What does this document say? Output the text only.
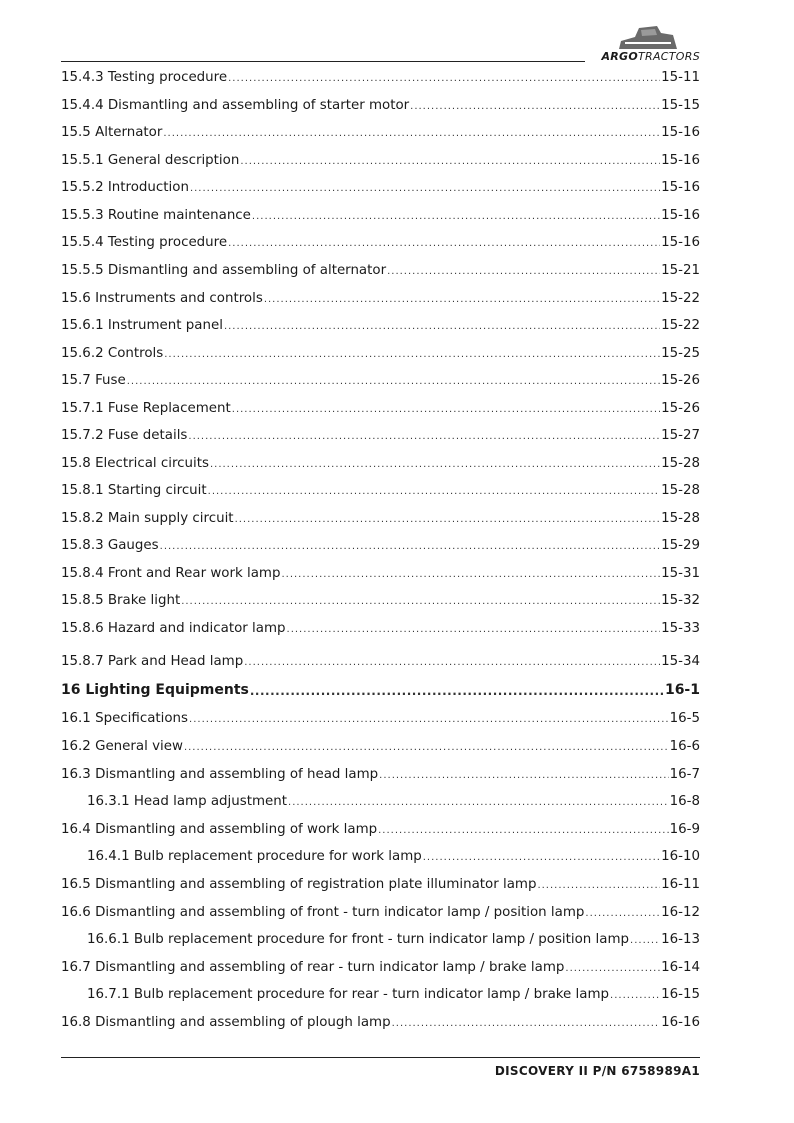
ARGOTRACTORS
15.4.3 Testing procedure .....	15-11
15.4.4 Dismantling and assembling of starter motor .....	15-15
15.5 Alternator .....	15-16
15.5.1 General description .....	15-16
15.5.2 Introduction .....	15-16
15.5.3 Routine maintenance .....	15-16
15.5.4 Testing procedure .....	15-16
15.5.5 Dismantling and assembling of alternator .....	15-21
15.6 Instruments and controls .....	15-22
15.6.1 Instrument panel .....	15-22
15.6.2 Controls .....	15-25
15.7 Fuse .....	15-26
15.7.1 Fuse Replacement .....	15-26
15.7.2 Fuse details .....	15-27
15.8 Electrical circuits .....	15-28
15.8.1 Starting circuit .....	15-28
15.8.2 Main supply circuit .....	15-28
15.8.3 Gauges .....	15-29
15.8.4 Front and Rear work lamp .....	15-31
15.8.5 Brake light .....	15-32
15.8.6 Hazard and indicator lamp .....	15-33
15.8.7 Park and Head lamp .....	15-34
16 Lighting Equipments .....	16-1
16.1 Specifications .....	16-5
16.2 General view .....	16-6
16.3 Dismantling and assembling of head lamp .....	16-7
16.3.1 Head lamp adjustment .....	16-8
16.4 Dismantling and assembling of work lamp .....	16-9
16.4.1 Bulb replacement procedure for work lamp .....	16-10
16.5 Dismantling and assembling of registration plate illuminator lamp .....	16-11
16.6 Dismantling and assembling of front - turn indicator lamp / position lamp .....	16-12
16.6.1 Bulb replacement procedure for front - turn indicator lamp / position lamp ..... 16-13
16.7 Dismantling and assembling of rear - turn indicator lamp / brake lamp .....	16-14
16.7.1 Bulb replacement procedure for rear - turn indicator lamp / brake lamp .....	16-15
16.8 Dismantling and assembling of plough lamp .....	16-16
DISCOVERY II P/N 6758989A1
